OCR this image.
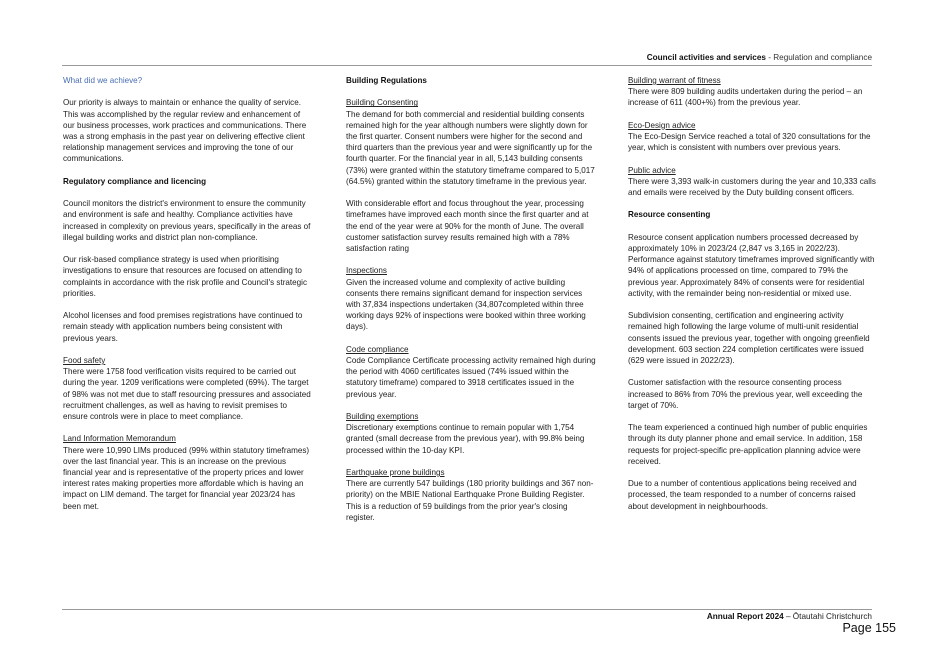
Council activities and services - Regulation and compliance

What did we achieve?

Our priority is always to maintain or enhance the quality of service. This was accomplished by the regular review and enhancement of our business processes, work practices and communications. There was a strong emphasis in the past year on delivering effective client relationship management services and improving the tone of our communications.

Regulatory compliance and licencing

Council monitors the district's environment to ensure the community and environment is safe and healthy. Compliance activities have increased in complexity on previous years, specifically in the areas of illegal building works and district plan non-compliance.

Our risk-based compliance strategy is used when prioritising investigations to ensure that resources are focused on attending to complaints in accordance with the risk profile and Council's strategic priorities.

Alcohol licenses and food premises registrations have continued to remain steady with application numbers being consistent with previous years.

Food safety

There were 1758 food verification visits required to be carried out during the year. 1209 verifications were completed (69%). The target of 98% was not met due to staff resourcing pressures and associated recruitment challenges, as well as having to revisit premises to ensure controls were in place to meet compliance.

Land Information Memorandum

There were 10,990 LIMs produced (99% within statutory timeframes) over the last financial year. This is an increase on the previous financial year and is representative of the property prices and lower interest rates making properties more affordable which is having an impact on LIM demand. The target for financial year 2023/24 has been met.

Building Regulations

Building Consenting

The demand for both commercial and residential building consents remained high for the year although numbers were slightly down for the first quarter. Consent numbers were higher for the second and third quarters than the previous year and were significantly up for the fourth quarter. For the financial year in all, 5,143 building consents (73%) were granted within the statutory timeframe compared to 5,017 (64.5%) granted within the statutory timeframe in the previous year.

With considerable effort and focus throughout the year, processing timeframes have improved each month since the first quarter and at the end of the year were at 90% for the month of June. The overall customer satisfaction survey results remained high with a 78% satisfaction rating

Inspections

Given the increased volume and complexity of active building consents there remains significant demand for inspection services with 37,834 inspections undertaken (34,807completed within three working days 92% of inspections were booked within three working days).

Code compliance

Code Compliance Certificate processing activity remained high during the period with 4060 certificates issued (74% issued within the statutory timeframe) compared to 3918 certificates issued in the previous year.

Building exemptions

Discretionary exemptions continue to remain popular with 1,754 granted (small decrease from the previous year), with 99.8% being processed within the 10-day KPI.

Earthquake prone buildings

There are currently 547 buildings (180 priority buildings and 367 non-priority) on the MBIE National Earthquake Prone Building Register. This is a reduction of 59 buildings from the prior year's closing register.

Building warrant of fitness

There were 809 building audits undertaken during the period – an increase of 611 (400+%) from the previous year.

Eco-Design advice

The Eco-Design Service reached a total of 320 consultations for the year, which is consistent with numbers over previous years.

Public advice

There were 3,393 walk-in customers during the year and 10,333 calls and emails were received by the Duty building consent officers.

Resource consenting

Resource consent application numbers processed decreased by approximately 10% in 2023/24 (2,847 vs 3,165 in 2022/23). Performance against statutory timeframes improved significantly with 94% of applications processed on time, compared to 79% the previous year. Approximately 84% of consents were for residential activity, with the remainder being non-residential or mixed use.

Subdivision consenting, certification and engineering activity remained high following the large volume of multi-unit residential consents issued the previous year, together with ongoing greenfield development. 603 section 224 completion certificates were issued (629 were issued in 2022/23).

Customer satisfaction with the resource consenting process increased to 86% from 70% the previous year, well exceeding the target of 70%.

The team experienced a continued high number of public enquiries through its duty planner phone and email service. In addition, 158 requests for project-specific pre-application planning advice were received.

Due to a number of contentious applications being received and processed, the team responded to a number of concerns raised about development in neighbourhoods.

Annual Report 2024 – Ōtautahi Christchurch
Page 155
